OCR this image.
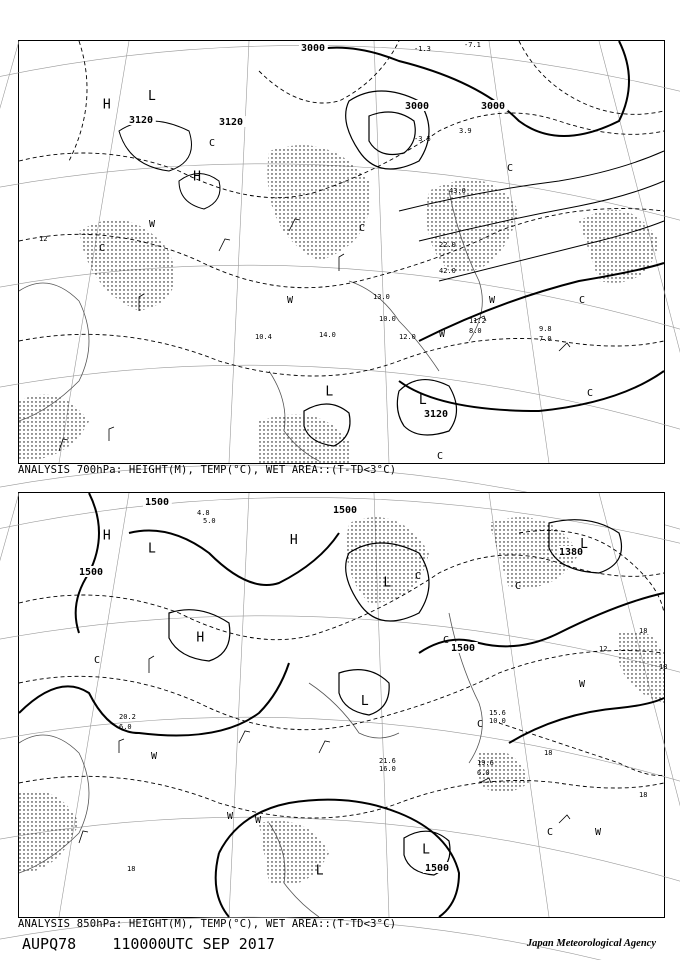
3000
3000	3000
3120	3120
3120
H
L
H
L
L
C
C
C
C
C
C
C
W
W
W
W
-7.1
-1.3
-3.5
3.9
10.4	12.0
14.0
10.0
13.0
9.8
11.2
8.0
7.0
22.0
42.0
43.0
12
ANALYSIS 700hPa: HEIGHT(M), TEMP(°C), WET AREA::(T-TD<3°C)
1500
1500
1500
1500
1380
1500
H
L
H
L
L
H
L
L
L
C
C
C
C
C
C
W
W W
W
W
18
18
18
18
12
18
21.6
16.0
19.6
6.0
15.6
10.0
4.8
5.0
20.2
6.0
ANALYSIS 850hPa: HEIGHT(M), TEMP(°C), WET AREA::(T-TD<3°C)
AUPQ78 110000UTC SEP 2017	Japan Meteorological Agency
